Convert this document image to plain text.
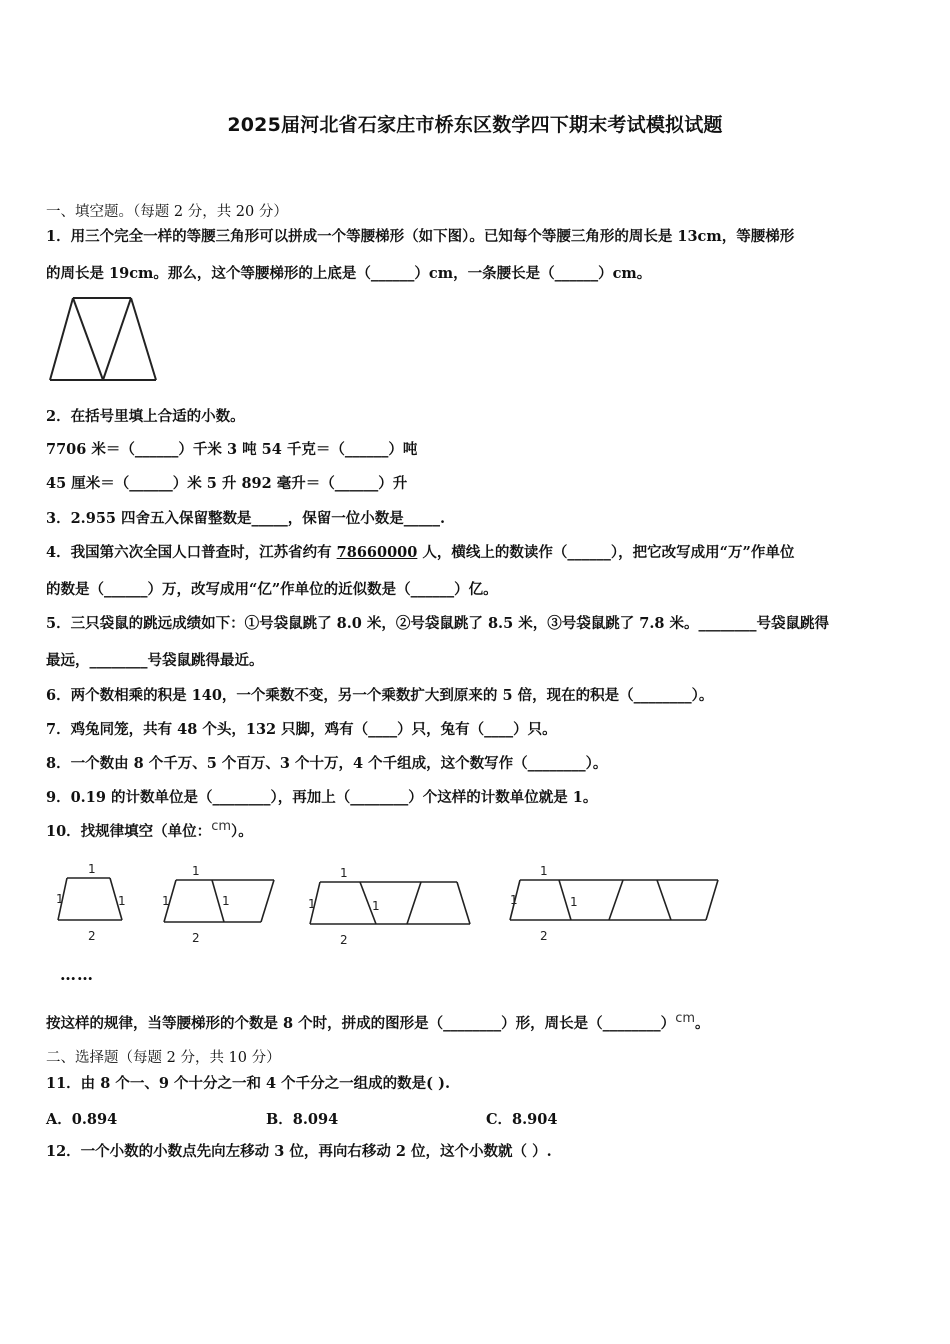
2025届河北省石家庄市桥东区数学四下期末考试模拟试题
一、填空题。（每题 2 分，共 20 分）
1．用三个完全一样的等腰三角形可以拼成一个等腰梯形（如下图）。已知每个等腰三角形的周长是 13cm，等腰梯形
的周长是 19cm。那么，这个等腰梯形的上底是（______）cm，一条腰长是（______）cm。
2．在括号里填上合适的小数。
7706 米＝（______）千米 3 吨 54 千克＝（______）吨
45 厘米＝（______）米 5 升 892 毫升＝（______）升
3．2.955 四舍五入保留整数是_____，保留一位小数是_____.
4．我国第六次全国人口普查时，江苏省约有 78660000 人，横线上的数读作（______），把它改写成用“万”作单位
的数是（______）万，改写成用“亿”作单位的近似数是（______）亿。
5．三只袋鼠的跳远成绩如下：①号袋鼠跳了 8.0 米，②号袋鼠跳了 8.5 米，③号袋鼠跳了 7.8 米。________号袋鼠跳得
最远，________号袋鼠跳得最近。
6．两个数相乘的积是 140，一个乘数不变，另一个乘数扩大到原来的 5 倍，现在的积是（________）。
7．鸡兔同笼，共有 48 个头，132 只脚，鸡有（____）只，兔有（____）只。
8．一个数由 8 个千万、5 个百万、3 个十万，4 个千组成，这个数写作（________）。
9．0.19 的计数单位是（________），再加上（________）个这样的计数单位就是 1。
10．找规律填空（单位：cm）。
1
1	1
2
1
1	1
2
1
1	1
2
1
1	1
2
……
按这样的规律，当等腰梯形的个数是 8 个时，拼成的图形是（________）形，周长是（________）cm。
二、选择题（每题 2 分，共 10 分）
11．由 8 个一、9 个十分之一和 4 个千分之一组成的数是( ).
A．0.894	B．8.094	C．8.904
12．一个小数的小数点先向左移动 3 位，再向右移动 2 位，这个小数就（ ）.
